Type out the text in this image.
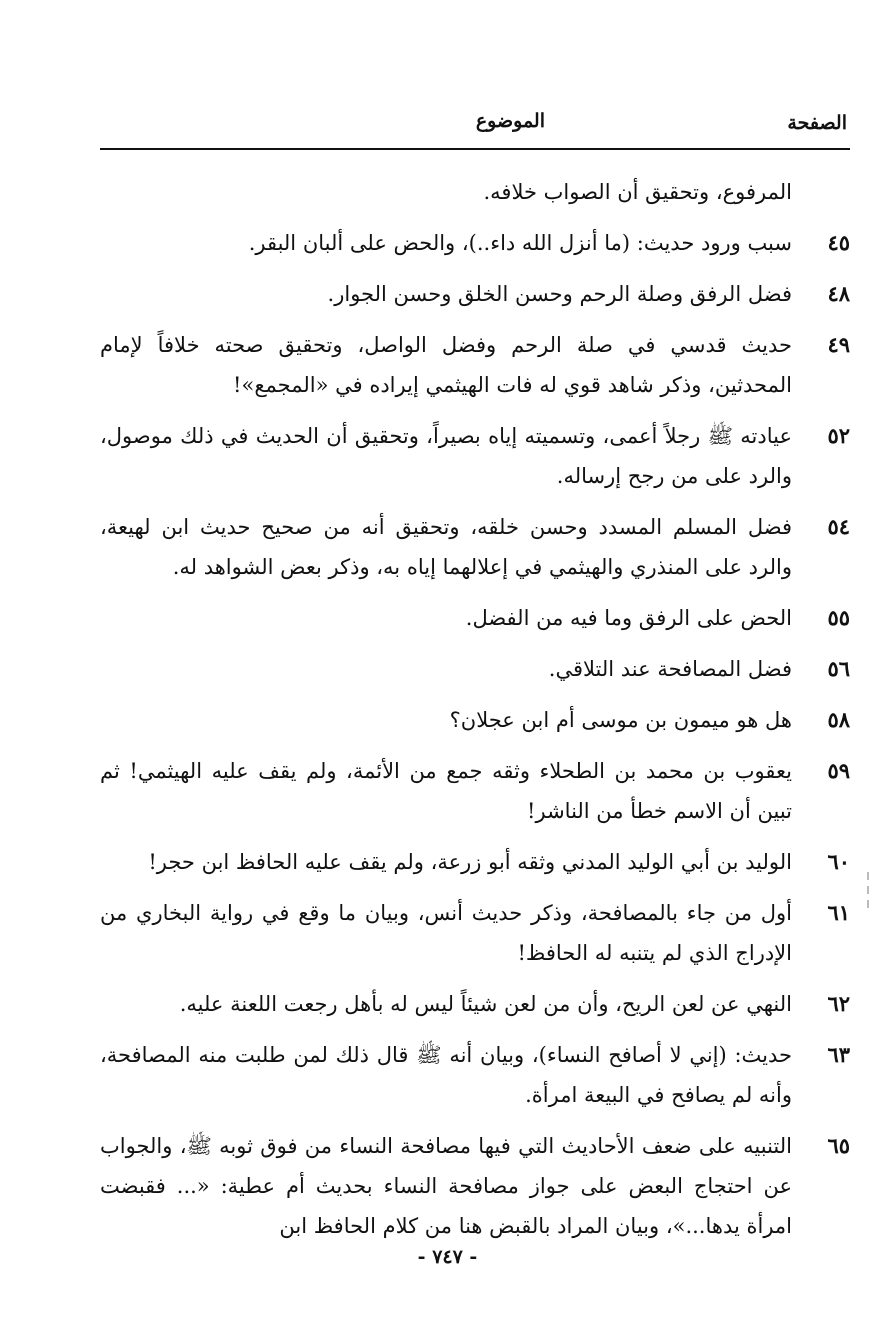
الصفحة
الموضوع
المرفوع، وتحقيق أن الصواب خلافه.
٤٥
سبب ورود حديث: (ما أنزل الله داء..)، والحض على ألبان البقر.
٤٨
فضل الرفق وصلة الرحم وحسن الخلق وحسن الجوار.
٤٩
حديث قدسي في صلة الرحم وفضل الواصل، وتحقيق صحته خلافاً لإمام المحدثين، وذكر شاهد قوي له فات الهيثمي إيراده في «المجمع»!
٥٢
عيادته ﷺ رجلاً أعمى، وتسميته إياه بصيراً، وتحقيق أن الحديث في ذلك موصول، والرد على من رجح إرساله.
٥٤
فضل المسلم المسدد وحسن خلقه، وتحقيق أنه من صحيح حديث ابن لهيعة، والرد على المنذري والهيثمي في إعلالهما إياه به، وذكر بعض الشواهد له.
٥٥
الحض على الرفق وما فيه من الفضل.
٥٦
فضل المصافحة عند التلاقي.
٥٨
هل هو ميمون بن موسى أم ابن عجلان؟
٥٩
يعقوب بن محمد بن الطحلاء وثقه جمع من الأئمة، ولم يقف عليه الهيثمي! ثم تبين أن الاسم خطأ من الناشر!
٦٠
الوليد بن أبي الوليد المدني وثقه أبو زرعة، ولم يقف عليه الحافظ ابن حجر!
٦١
أول من جاء بالمصافحة، وذكر حديث أنس، وبيان ما وقع في رواية البخاري من الإدراج الذي لم يتنبه له الحافظ!
٦٢
النهي عن لعن الريح، وأن من لعن شيئاً ليس له بأهل رجعت اللعنة عليه.
٦٣
حديث: (إني لا أصافح النساء)، وبيان أنه ﷺ قال ذلك لمن طلبت منه المصافحة، وأنه لم يصافح في البيعة امرأة.
٦٥
التنبيه على ضعف الأحاديث التي فيها مصافحة النساء من فوق ثوبه ﷺ، والجواب عن احتجاج البعض على جواز مصافحة النساء بحديث أم عطية: «... فقبضت امرأة يدها...»، وبيان المراد بالقبض هنا من كلام الحافظ ابن
- ٧٤٧ -
